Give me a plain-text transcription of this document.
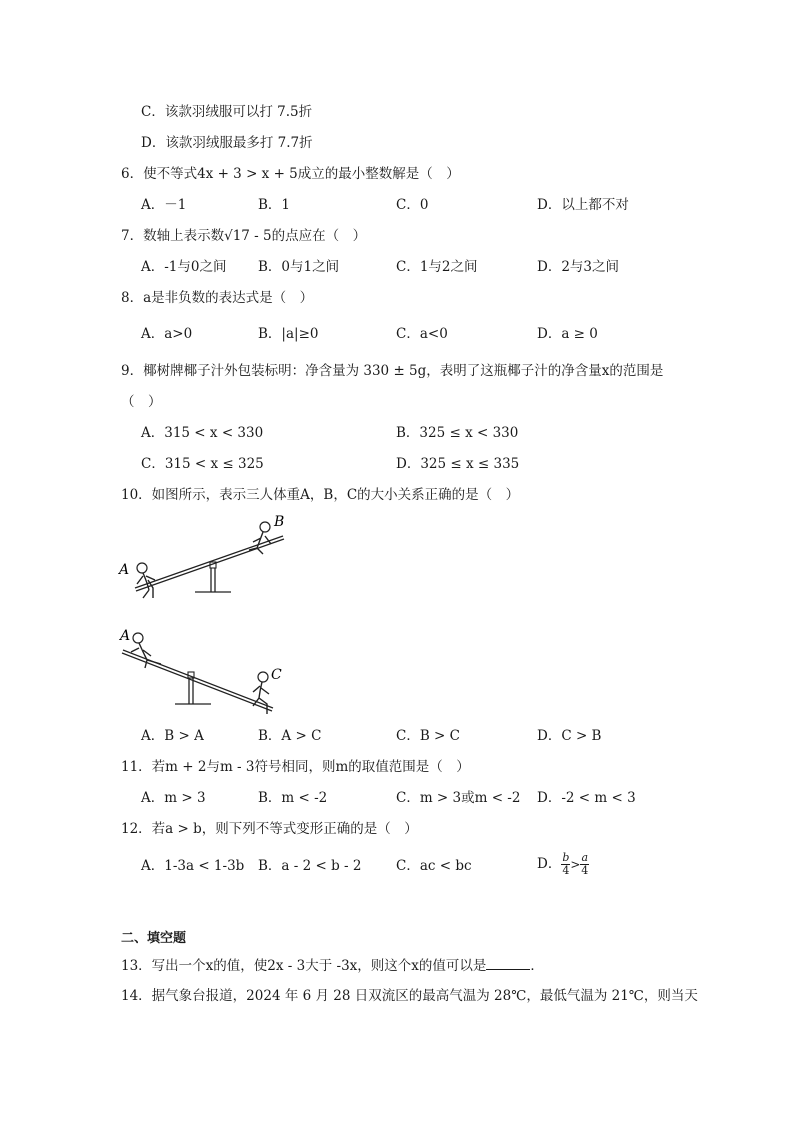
C．该款羽绒服可以打 7.5折
D．该款羽绒服最多打 7.7折
6．使不等式4x + 3 > x + 5成立的最小整数解是（　）
A．－1	B．1	C．0	D．以上都不对
7．数轴上表示数√17 - 5的点应在（　）
A．-1与0之间 B．0与1之间	C．1与2之间	D．2与3之间
8．a是非负数的表达式是（　）
A．a>0	B．|a|≥0	C．a<0	D．a ≥ 0
9．椰树牌椰子汁外包装标明：净含量为 330 ± 5g，表明了这瓶椰子汁的净含量x的范围是
（　）
A．315 < x < 330	B．325 ≤ x < 330
C．315 < x ≤ 325	D．325 ≤ x ≤ 335
10．如图所示，表示三人体重A，B，C的大小关系正确的是（　）
A
B
A
C
A．B > A	B．A > C	C．B > C	D．C > B
11．若m + 2与m - 3符号相同，则m的取值范围是（　）
A．m > 3	B．m < -2	C．m > 3或m < -2 D．-2 < m < 3
12．若a > b，则下列不等式变形正确的是（　）
A．1-3a < 1-3b B．a - 2 < b - 2	C．ac < bc	D． $\frac{b}{4} > \frac{a}{4}$
二、填空题
13．写出一个x的值，使2x - 3大于 -3x，则这个x的值可以是	．
14．据气象台报道，2024 年 6 月 28 日双流区的最高气温为 28℃，最低气温为 21℃，则当天
